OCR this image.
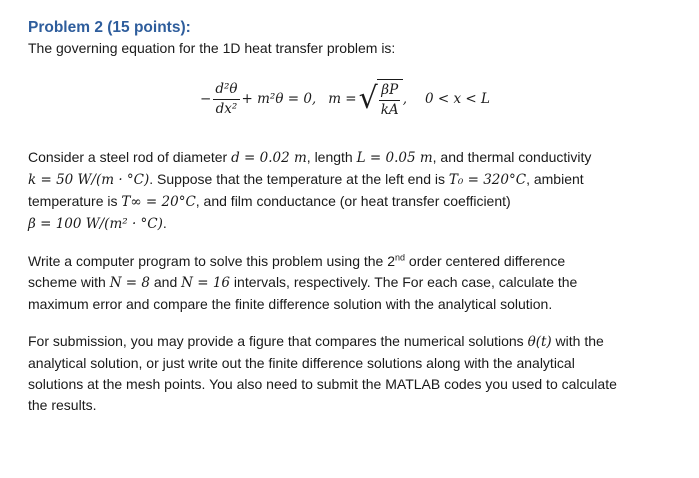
Problem 2 (15 points):

The governing equation for the 1D heat transfer problem is:

− $\frac{\text{d²θ}}{\text{dx²}} + m^2\theta = 0$, m = √ $\frac{\beta P}{kA}$ , 0 < x < L

Consider a steel rod of diameter d = 0.02 m, length L = 0.05 m, and thermal conductivity
k = 50 W/(m · °C). Suppose that the temperature at the left end is T₀ = 320°C, ambient
temperature is T∞ = 20°C, and film conductance (or heat transfer coefficient)
β = 100 W/(m² · °C).

Write a computer program to solve this problem using the 2nd order centered difference
scheme with N = 8 and N = 16 intervals, respectively. The For each case, calculate the
maximum error and compare the finite difference solution with the analytical solution.

For submission, you may provide a figure that compares the numerical solutions θ(t) with the
analytical solution, or just write out the finite difference solutions along with the analytical
solutions at the mesh points. You also need to submit the MATLAB codes you used to calculate
the results.
